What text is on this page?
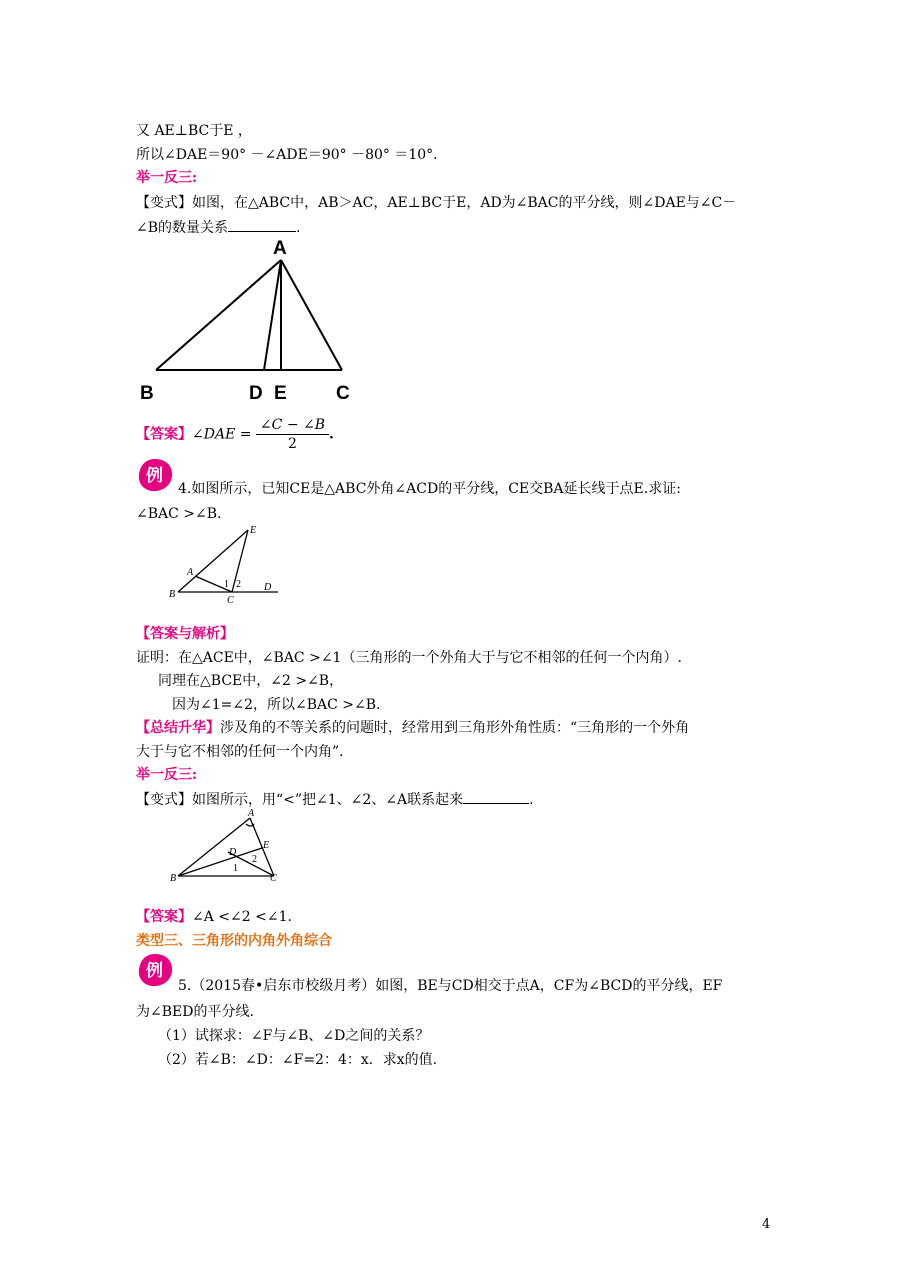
又 AE⊥BC于E ，
所以∠DAE＝90° －∠ADE＝90° －80° ＝10°．
举一反三:
【变式】如图，在△ABC中，AB＞AC，AE⊥BC于E，AD为∠BAC的平分线，则∠DAE与∠C－
∠B的数量关系	.
A
B	D E	C
【答案】∠DAE = $\frac{\angle C - \angle B}{2}$ .
例
4.如图所示，已知CE是△ABC外角∠ACD的平分线，CE交BA延长线于点E.求证:
∠BAC >∠B.
E
A
1 2 D
B
C
【答案与解析】
证明：在△ACE中，∠BAC >∠1（三角形的一个外角大于与它不相邻的任何一个内角）.
同理在△BCE中，∠2 >∠B，
因为∠1=∠2，所以∠BAC >∠B.
【总结升华】涉及角的不等关系的问题时，经常用到三角形外角性质：“三角形的一个外角
大于与它不相邻的任何一个内角”．
举一反三:
【变式】如图所示，用“<”把∠1、∠2、∠A联系起来	.
A
D
E
2
1
B	C
【答案】∠A <∠2 <∠1.
类型三、三角形的内角外角综合
例
5.（2015春•启东市校级月考）如图，BE与CD相交于点A，CF为∠BCD的平分线，EF
为∠BED的平分线.
（1）试探求：∠F与∠B、∠D之间的关系？
（2）若∠B：∠D：∠F=2：4：x．求x的值.
4
